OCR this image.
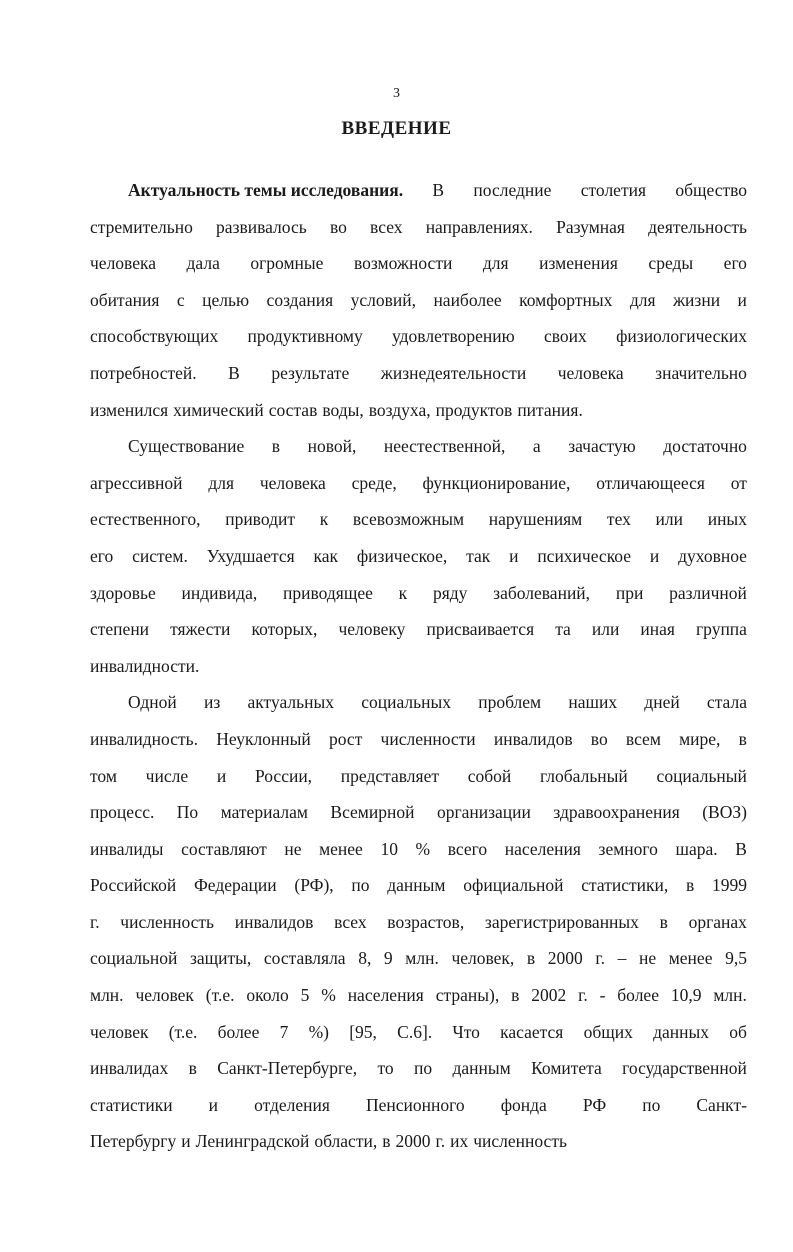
3
ВВЕДЕНИЕ
Актуальность темы исследования. В последние столетия общество
стремительно развивалось во всех направлениях. Разумная деятельность
человека дала огромные возможности для изменения среды его
обитания с целью создания условий, наиболее комфортных для жизни и
способствующих продуктивному удовлетворению своих физиологических
потребностей. В результате жизнедеятельности человека значительно
изменился химический состав воды, воздуха, продуктов питания.
Существование в новой, неестественной, а зачастую достаточно
агрессивной для человека среде, функционирование, отличающееся от
естественного, приводит к всевозможным нарушениям тех или иных
его систем. Ухудшается как физическое, так и психическое и духовное
здоровье индивида, приводящее к ряду заболеваний, при различной
степени тяжести которых, человеку присваивается та или иная группа
инвалидности.
Одной из актуальных социальных проблем наших дней стала
инвалидность. Неуклонный рост численности инвалидов во всем мире, в
том числе и России, представляет собой глобальный социальный
процесс. По материалам Всемирной организации здравоохранения (ВОЗ)
инвалиды составляют не менее 10 % всего населения земного шара. В
Российской Федерации (РФ), по данным официальной статистики, в 1999
г. численность инвалидов всех возрастов, зарегистрированных в органах
социальной защиты, составляла 8, 9 млн. человек, в 2000 г. – не менее 9,5
млн. человек (т.е. около 5 % населения страны), в 2002 г. - более 10,9 млн.
человек (т.е. более 7 %) [95, С.6]. Что касается общих данных об
инвалидах в Санкт-Петербурге, то по данным Комитета государственной
статистики и отделения Пенсионного фонда РФ по Санкт-
Петербургу и Ленинградской области, в 2000 г. их численность
